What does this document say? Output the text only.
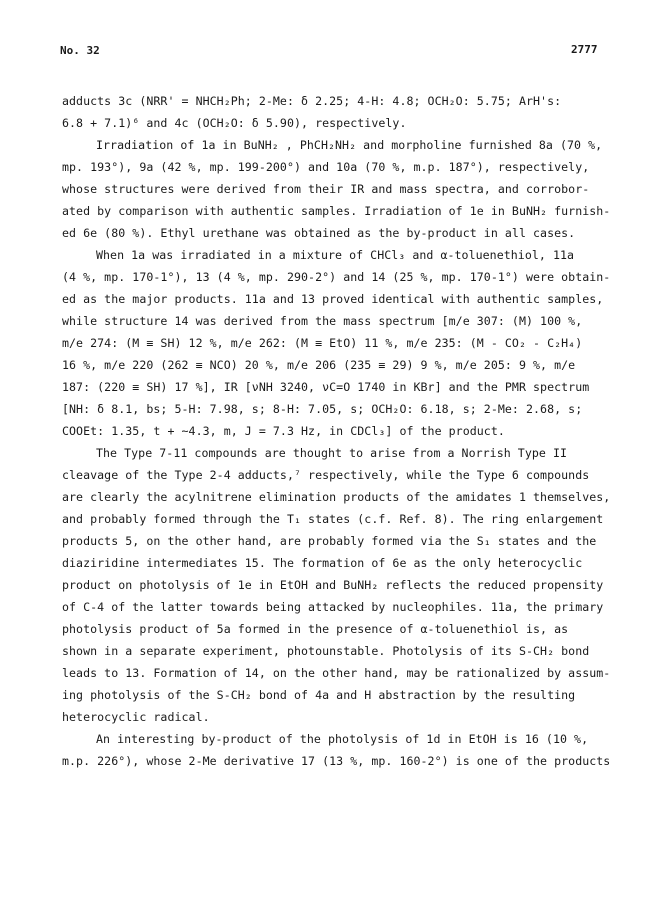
No. 32	2777
adducts 3c (NRR' = NHCH₂Ph; 2-Me: δ 2.25; 4-H: 4.8; OCH₂O: 5.75; ArH's:
6.8 + 7.1)⁶ and 4c (OCH₂O: δ 5.90), respectively.
Irradiation of 1a in BuNH₂ , PhCH₂NH₂ and morpholine furnished 8a (70 %,
mp. 193°), 9a (42 %, mp. 199-200°) and 10a (70 %, m.p. 187°), respectively,
whose structures were derived from their IR and mass spectra, and corrobor-
ated by comparison with authentic samples. Irradiation of 1e in BuNH₂ furnish-
ed 6e (80 %). Ethyl urethane was obtained as the by-product in all cases.
When 1a was irradiated in a mixture of CHCl₃ and α-toluenethiol, 11a
(4 %, mp. 170-1°), 13 (4 %, mp. 290-2°) and 14 (25 %, mp. 170-1°) were obtain-
ed as the major products. 11a and 13 proved identical with authentic samples,
while structure 14 was derived from the mass spectrum [m/e 307: (M) 100 %,
m/e 274: (M ≡ SH) 12 %, m/e 262: (M ≡ EtO) 11 %, m/e 235: (M - CO₂ - C₂H₄)
16 %, m/e 220 (262 ≡ NCO) 20 %, m/e 206 (235 ≡ 29) 9 %, m/e 205: 9 %, m/e
187: (220 ≡ SH) 17 %], IR [νNH 3240, νC=O 1740 in KBr] and the PMR spectrum
[NH: δ 8.1, bs; 5-H: 7.98, s; 8-H: 7.05, s; OCH₂O: 6.18, s; 2-Me: 2.68, s;
COOEt: 1.35, t + ~4.3, m, J = 7.3 Hz, in CDCl₃] of the product.
The Type 7-11 compounds are thought to arise from a Norrish Type II
cleavage of the Type 2-4 adducts,⁷ respectively, while the Type 6 compounds
are clearly the acylnitrene elimination products of the amidates 1 themselves,
and probably formed through the T₁ states (c.f. Ref. 8). The ring enlargement
products 5, on the other hand, are probably formed via the S₁ states and the
diaziridine intermediates 15. The formation of 6e as the only heterocyclic
product on photolysis of 1e in EtOH and BuNH₂ reflects the reduced propensity
of C-4 of the latter towards being attacked by nucleophiles. 11a, the primary
photolysis product of 5a formed in the presence of α-toluenethiol is, as
shown in a separate experiment, photounstable. Photolysis of its S-CH₂ bond
leads to 13. Formation of 14, on the other hand, may be rationalized by assum-
ing photolysis of the S-CH₂ bond of 4a and H abstraction by the resulting
heterocyclic radical.
An interesting by-product of the photolysis of 1d in EtOH is 16 (10 %,
m.p. 226°), whose 2-Me derivative 17 (13 %, mp. 160-2°) is one of the products
